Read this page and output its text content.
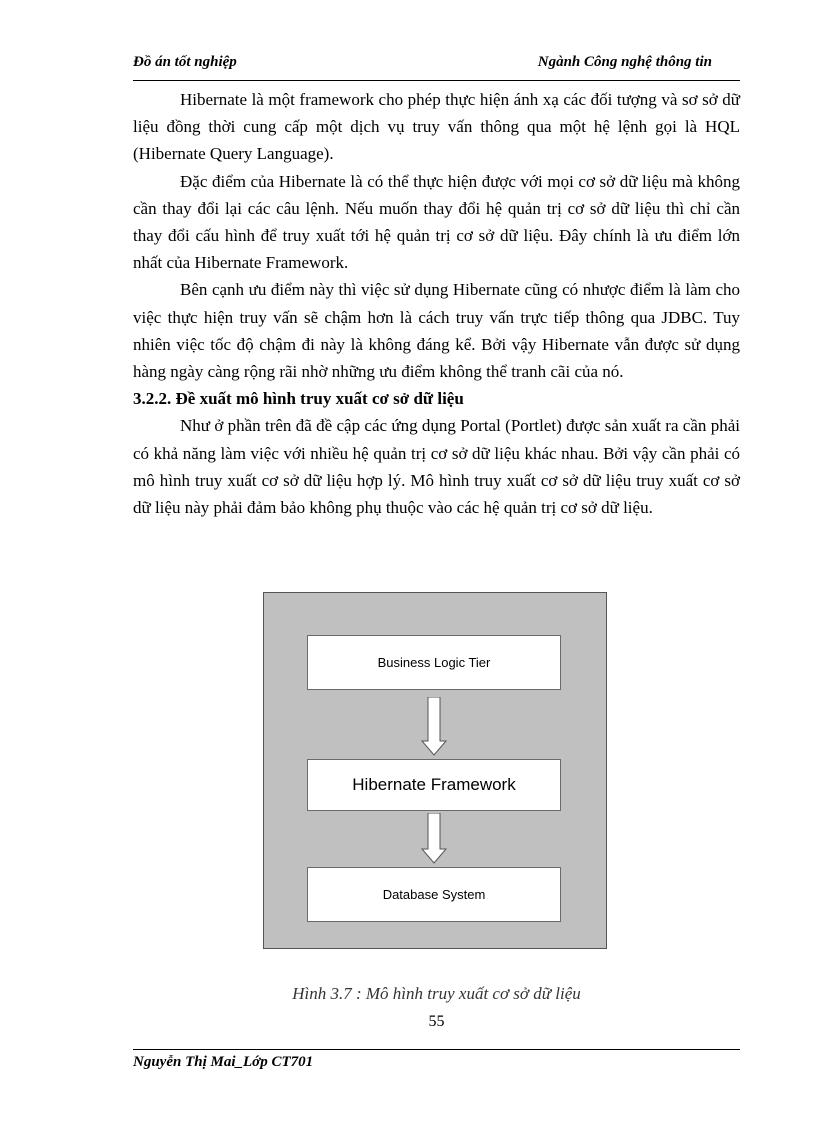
Đồ án tốt nghiệp	Ngành Công nghệ thông tin

Hibernate là một framework cho phép thực hiện ánh xạ các đối tượng và sơ sở dữ liệu đồng thời cung cấp một dịch vụ truy vấn thông qua một hệ lệnh gọi là HQL (Hibernate Query Language).

Đặc điểm của Hibernate là có thể thực hiện được với mọi cơ sở dữ liệu mà không cần thay đổi lại các câu lệnh. Nếu muốn thay đổi hệ quản trị cơ sở dữ liệu thì chỉ cần thay đổi cấu hình để truy xuất tới hệ quản trị cơ sở dữ liệu. Đây chính là ưu điểm lớn nhất của Hibernate Framework.

Bên cạnh ưu điểm này thì việc sử dụng Hibernate cũng có nhược điểm là làm cho việc thực hiện truy vấn sẽ chậm hơn là cách truy vấn trực tiếp thông qua JDBC. Tuy nhiên việc tốc độ chậm đi này là không đáng kể. Bởi vậy Hibernate vẫn được sử dụng hàng ngày càng rộng rãi nhờ những ưu điểm không thể tranh cãi của nó.

3.2.2. Đề xuất mô hình truy xuất cơ sở dữ liệu

Như ở phần trên đã đề cập các ứng dụng Portal (Portlet) được sản xuất ra cần phải có khả năng làm việc với nhiều hệ quản trị cơ sở dữ liệu khác nhau. Bởi vậy cần phải có mô hình truy xuất cơ sở dữ liệu hợp lý. Mô hình truy xuất cơ sở dữ liệu truy xuất cơ sở dữ liệu này phải đảm bảo không phụ thuộc vào các hệ quản trị cơ sở dữ liệu.

Business Logic Tier
Hibernate Framework
Database System
Hình 3.7 : Mô hình truy xuất cơ sở dữ liệu
55
Nguyễn Thị Mai_Lớp CT701
